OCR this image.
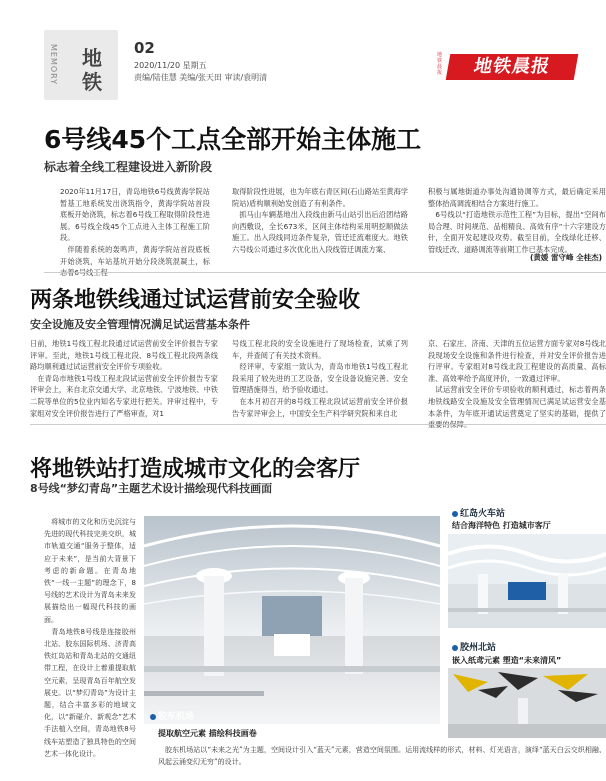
MEMORY 地
铁
02
2020/11/20 星期五
责编/陆佳慧 美编/张天田 审读/袁明清
地铁晨报	地铁晨报
6号线45个工点全部开始主体施工
标志着全线工程建设进入新阶段
2020年11月17日，青岛地铁6号线黄海学院站暂基工地系统发出浇筑指令，黄海学院站首段底板开始浇筑，标志着6号线工程取得阶段性进展。6号线全线45个工点进入主体工程施工阶段。
　伴随着系统的轰鸣声，黄海学院站首段底板开始浇筑，车站基坑开始分段浇筑混凝土，标
取得阶段性进展，也为年底右青区间(石山路站至黄海学院站)盾构顺利始发创造了有利条件。
　抓马山车辆基地出入段线由新马山站引出后沿团结路向西敷设，全长673米，区间主体结构采用明挖顺做法施工。出入段线同边条件复杂，管迁迁流难度大。地铁六号线公司通过多次优化出入段线管迁调流方案、
积极与属地街道办事处沟通协调等方式，最后确定采用整体抬高调流相结合方案进行施工。
　6号线以“打造地铁示范性工程”为目标，提出“空间布局合理、时间规范、品相精良、高效有序”十六字建设方针，全面开发起建设攻势。截至目前，全线绿化迁移、管线迁改、道路调流等前期工作已基本完成。
(黄媛 雷守峰 全桂杰)
两条地铁线通过试运营前安全验收
安全设施及安全管理情况满足试运营基本条件
日前，地铁1号线工程北段通过试运营前安全评价报告专家评审。至此，地铁1号线工程北段、8号线工程北段两条线路均顺利通过试运营前安全评价专项验收。
　在青岛市地铁1号线工程北段试运营前安全评价报告专家评审会上，来自北京交通大学、北京地铁、宁波地铁、中铁二院等单位的5位业内知名专家进行把关。评审过程中，专家组对安全评价报告进行了严格审查，对1
号线工程北段的安全设施进行了现场检查，试乘了列车，并查阅了有关技术资料。
　经评审，专家组一致认为，青岛市地铁1号线工程北段采用了较先进的工艺设备，安全设备设施完善、安全管理措施得当，给予验收通过。
　在本月初召开的8号线工程北段试运营前安全评价报告专家评审会上，中国安全生产科学研究院和来自北
京、石家庄、济南、天津的五位运营方面专家对8号线北段现场安全设施和条件进行检查，并对安全评价报告进行评审。专家组对8号线北段工程建设的高质量、高标准、高效率给予高度评价，一致通过评审。
　试运营前安全评价专项验收的顺利通过，标志着两条地铁线路安全设施及安全管理情况已满足试运营安全基本条件，为年底开通试运营奠定了坚实的基础，提供了
将地铁站打造成城市文化的会客厅
8号线“梦幻青岛”主题艺术设计描绘现代科技画面
　将城市的文化和历史沉淀与先进的现代科技完美交织，城市轨道交通“服务于整体，适应于未来”，是当前大背景下考虑的新命题。在青岛地铁“一线一主题”的理念下，8号线的艺术设计为青岛未来发展描绘出一幅现代科技的画面。
　青岛地铁8号线是连接胶州北站、胶东国际机场、济青高铁红岛站和青岛北站的交通纽带工程，在设计上着重提取航空元素，呈现青岛百年航空发展史。以“梦幻青岛”为设计主题，结合丰富多彩的地域文化，以“新碰介、新观念”艺术手法植入空间，青岛地铁8号线车站塑造了独具特色的空间艺术一体化设计。
胶东机场
提取航空元素 描绘科技画卷
　胶东机场站以“未来之光”为主题，空间设计引入“蓝天”元素，营造空间氛围。运用流线样的形式，材料、灯光语言，演绎“蓝天白云交织相融、风起云涌变幻无穷”的设计。
红岛火车站
结合海洋特色 打造城市客厅
胶州北站
嵌入纸鸢元素 塑造“未来清风”
